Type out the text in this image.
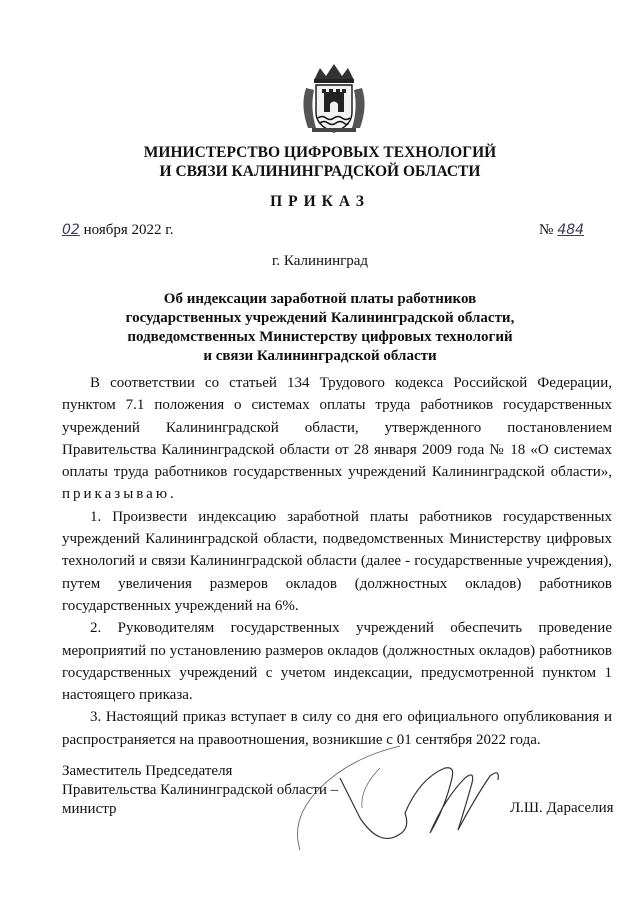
МИНИСТЕРСТВО ЦИФРОВЫХ ТЕХНОЛОГИЙ
И СВЯЗИ КАЛИНИНГРАДСКОЙ ОБЛАСТИ
ПРИКАЗ
02 ноября 2022 г.	№ 484
г. Калининград
Об индексации заработной платы работников
государственных учреждений Калининградской области,
подведомственных Министерству цифровых технологий
и связи Калининградской области

В соответствии со статьей 134 Трудового кодекса Российской Федерации, пунктом 7.1 положения о системах оплаты труда работников государственных учреждений Калининградской области, утвержденного постановлением Правительства Калининградской области от 28 января 2009 года № 18 «О системах оплаты труда работников государственных учреждений Калининградской области», приказываю.

1. Произвести индексацию заработной платы работников государственных учреждений Калининградской области, подведомственных Министерству цифровых технологий и связи Калининградской области (далее - государственные учреждения), путем увеличения размеров окладов (должностных окладов) работников государственных учреждений на 6%.

2. Руководителям государственных учреждений обеспечить проведение мероприятий по установлению размеров окладов (должностных окладов) работников государственных учреждений с учетом индексации, предусмотренной пунктом 1 настоящего приказа.

3. Настоящий приказ вступает в силу со дня его официального опубликования и распространяется на правоотношения, возникшие с 01 сентября 2022 года.

Заместитель Председателя
Правительства Калининградской области –
министр	Л.Ш. Дараселия
